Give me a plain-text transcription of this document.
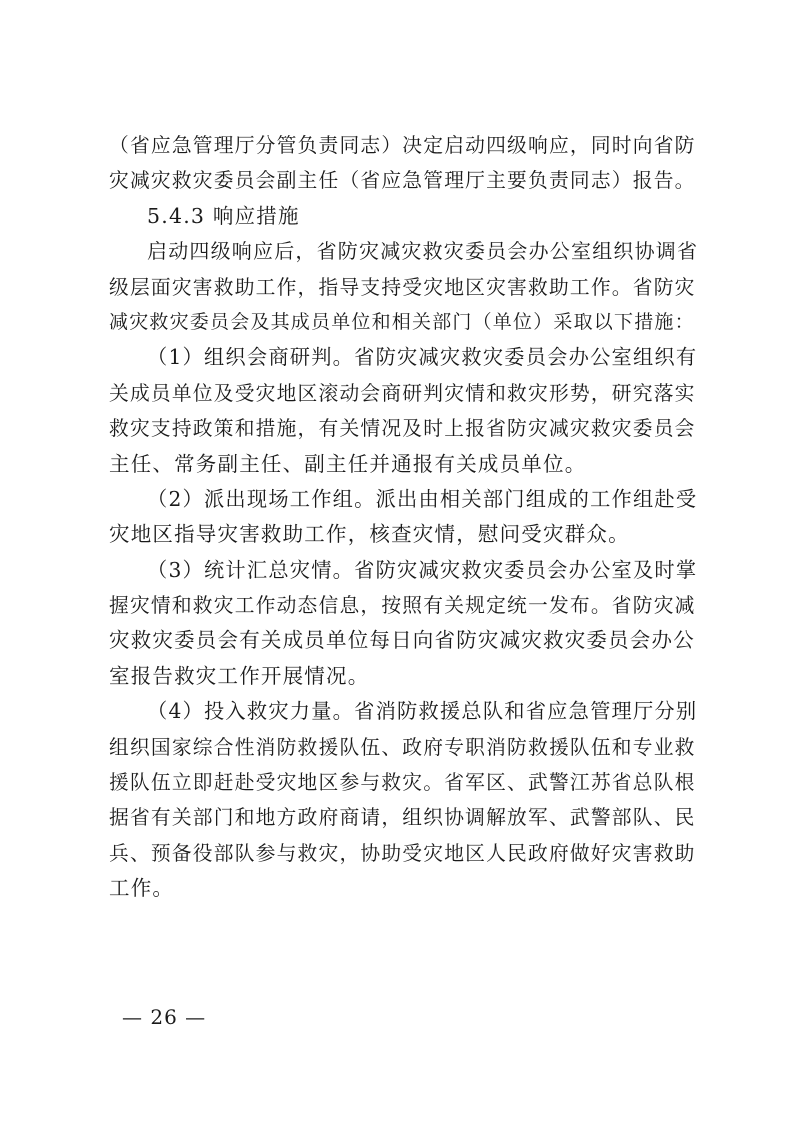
（省应急管理厅分管负责同志）决定启动四级响应，同时向省防
灾减灾救灾委员会副主任（省应急管理厅主要负责同志）报告。
5.4.3 响应措施
启动四级响应后，省防灾减灾救灾委员会办公室组织协调省
级层面灾害救助工作，指导支持受灾地区灾害救助工作。省防灾
减灾救灾委员会及其成员单位和相关部门（单位）采取以下措施：
（1）组织会商研判。省防灾减灾救灾委员会办公室组织有
关成员单位及受灾地区滚动会商研判灾情和救灾形势，研究落实
救灾支持政策和措施，有关情况及时上报省防灾减灾救灾委员会
主任、常务副主任、副主任并通报有关成员单位。
（2）派出现场工作组。派出由相关部门组成的工作组赴受
灾地区指导灾害救助工作，核查灾情，慰问受灾群众。
（3）统计汇总灾情。省防灾减灾救灾委员会办公室及时掌
握灾情和救灾工作动态信息，按照有关规定统一发布。省防灾减
灾救灾委员会有关成员单位每日向省防灾减灾救灾委员会办公
室报告救灾工作开展情况。
（4）投入救灾力量。省消防救援总队和省应急管理厅分别
组织国家综合性消防救援队伍、政府专职消防救援队伍和专业救
援队伍立即赶赴受灾地区参与救灾。省军区、武警江苏省总队根
据省有关部门和地方政府商请，组织协调解放军、武警部队、民
兵、预备役部队参与救灾，协助受灾地区人民政府做好灾害救助
工作。
— 26 —
